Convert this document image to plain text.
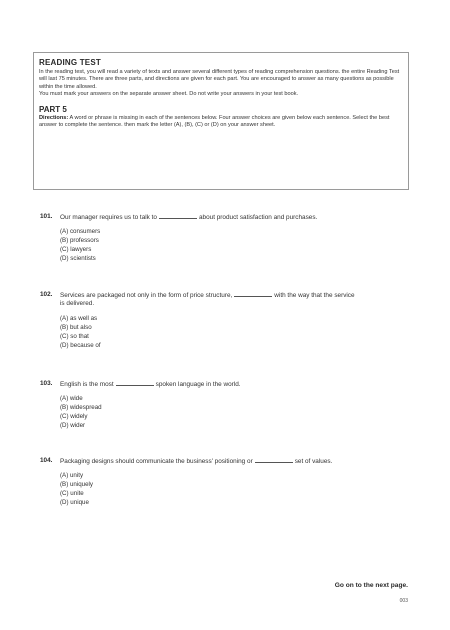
READING TEST

In the reading test, you will read a variety of texts and answer several different types of reading comprehension questions. the entire Reading Test will last 75 minutes. There are three parts, and directions are given for each part. You are encouraged to answer as many questions as possible within the time allowed.

You must mark your answers on the separate answer sheet. Do not write your answers in your test book.

PART 5

Directions: A word or phrase is missing in each of the sentences below. Four answer choices are given below each sentence. Select the best answer to complete the sentence. then mark the letter (A), (B), (C) or (D) on your answer sheet.

101. Our manager requires us to talk to	about product satisfaction and purchases.
(A) consumers
(B) professors
(C) lawyers
(D) scientists
102. Services are packaged not only in the form of price structure,	with the way that the service is delivered.
(A) as well as
(B) but also
(C) so that
(D) because of
103. English is the most	spoken language in the world.
(A) wide
(B) widespread
(C) widely
(D) wider
104. Packaging designs should communicate the business' positioning or	set of values.
(A) unity
(B) uniquely
(C) unite
(D) unique
Go on to the next page.
003
